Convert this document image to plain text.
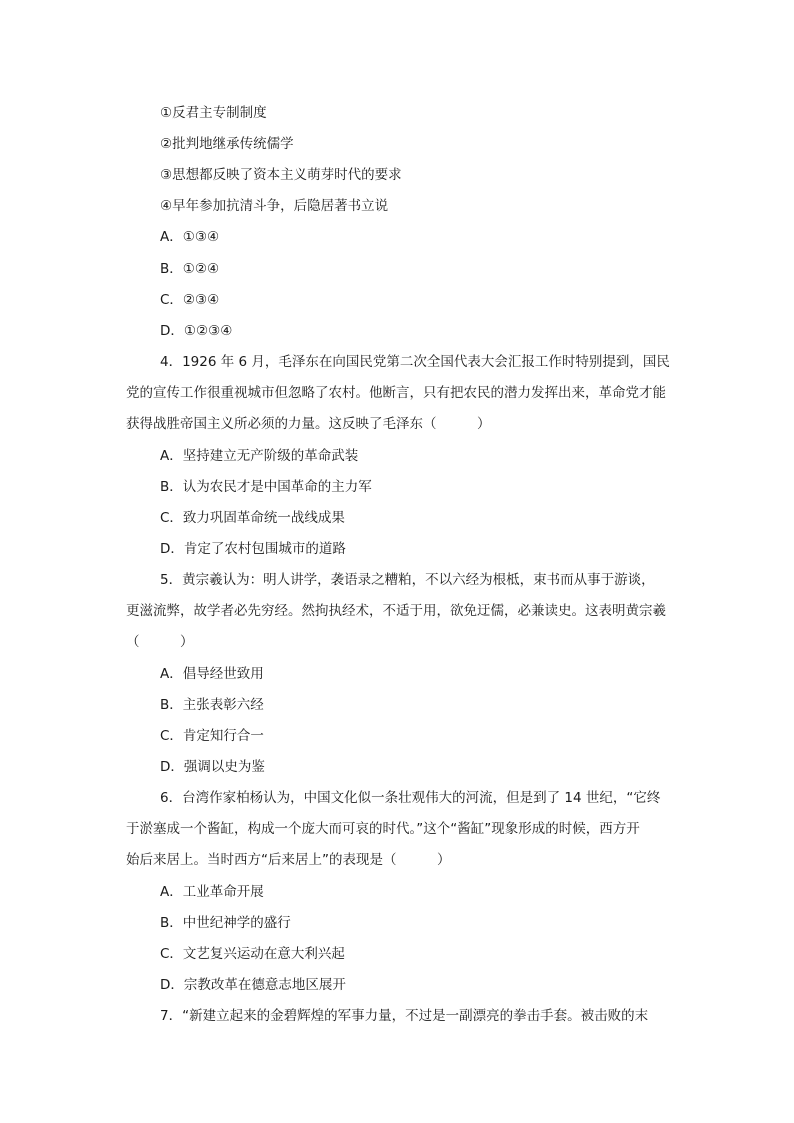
①反君主专制制度
②批判地继承传统儒学
③思想都反映了资本主义萌芽时代的要求
④早年参加抗清斗争，后隐居著书立说
A．①③④
B．①②④
C．②③④
D．①②③④
4．1926 年 6 月，毛泽东在向国民党第二次全国代表大会汇报工作时特别提到，国民
党的宣传工作很重视城市但忽略了农村。他断言，只有把农民的潜力发挥出来，革命党才能
获得战胜帝国主义所必须的力量。这反映了毛泽东（　　　）
A．坚持建立无产阶级的革命武装
B．认为农民才是中国革命的主力军
C．致力巩固革命统一战线成果
D．肯定了农村包围城市的道路
5．黄宗羲认为：明人讲学，袭语录之糟粕，不以六经为根柢，束书而从事于游谈，
更滋流弊，故学者必先穷经。然拘执经术，不适于用，欲免迂儒，必兼读史。这表明黄宗羲
（　　　）
A．倡导经世致用
B．主张表彰六经
C．肯定知行合一
D．强调以史为鉴
6．台湾作家柏杨认为，中国文化似一条壮观伟大的河流，但是到了 14 世纪，“它终
于淤塞成一个酱缸，构成一个庞大而可哀的时代。”这个“酱缸”现象形成的时候，西方开
始后来居上。当时西方“后来居上”的表现是（　　　）
A．工业革命开展
B．中世纪神学的盛行
C．文艺复兴运动在意大利兴起
D．宗教改革在德意志地区展开
7．“新建立起来的金碧辉煌的军事力量，不过是一副漂亮的拳击手套。被击败的末
